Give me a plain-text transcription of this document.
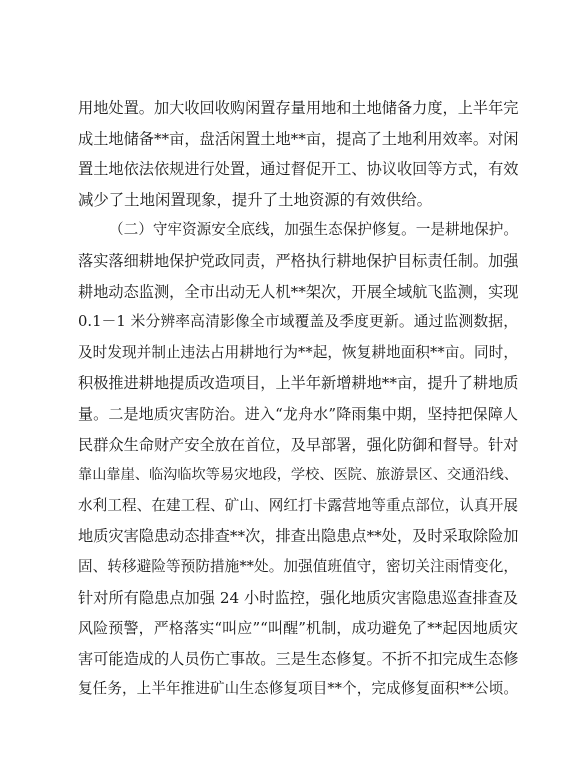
用地处置。加大收回收购闲置存量用地和土地储备力度，上半年完
成土地储备**亩，盘活闲置土地**亩，提高了土地利用效率。对闲
置土地依法依规进行处置，通过督促开工、协议收回等方式，有效
减少了土地闲置现象，提升了土地资源的有效供给。
（二）守牢资源安全底线，加强生态保护修复。一是耕地保护。
落实落细耕地保护党政同责，严格执行耕地保护目标责任制。加强
耕地动态监测，全市出动无人机**架次，开展全域航飞监测，实现
0.1－1 米分辨率高清影像全市域覆盖及季度更新。通过监测数据，
及时发现并制止违法占用耕地行为**起，恢复耕地面积**亩。同时，
积极推进耕地提质改造项目，上半年新增耕地**亩，提升了耕地质
量。二是地质灾害防治。进入“龙舟水”降雨集中期，坚持把保障人
民群众生命财产安全放在首位，及早部署，强化防御和督导。针对
靠山靠崖、临沟临坎等易灾地段，学校、医院、旅游景区、交通沿线、
水利工程、在建工程、矿山、网红打卡露营地等重点部位，认真开展
地质灾害隐患动态排查**次，排查出隐患点**处，及时采取除险加
固、转移避险等预防措施**处。加强值班值守，密切关注雨情变化，
针对所有隐患点加强 24 小时监控，强化地质灾害隐患巡查排查及
风险预警，严格落实“叫应”“叫醒”机制，成功避免了**起因地质灾
害可能造成的人员伤亡事故。三是生态修复。不折不扣完成生态修
复任务，上半年推进矿山生态修复项目**个，完成修复面积**公顷。
